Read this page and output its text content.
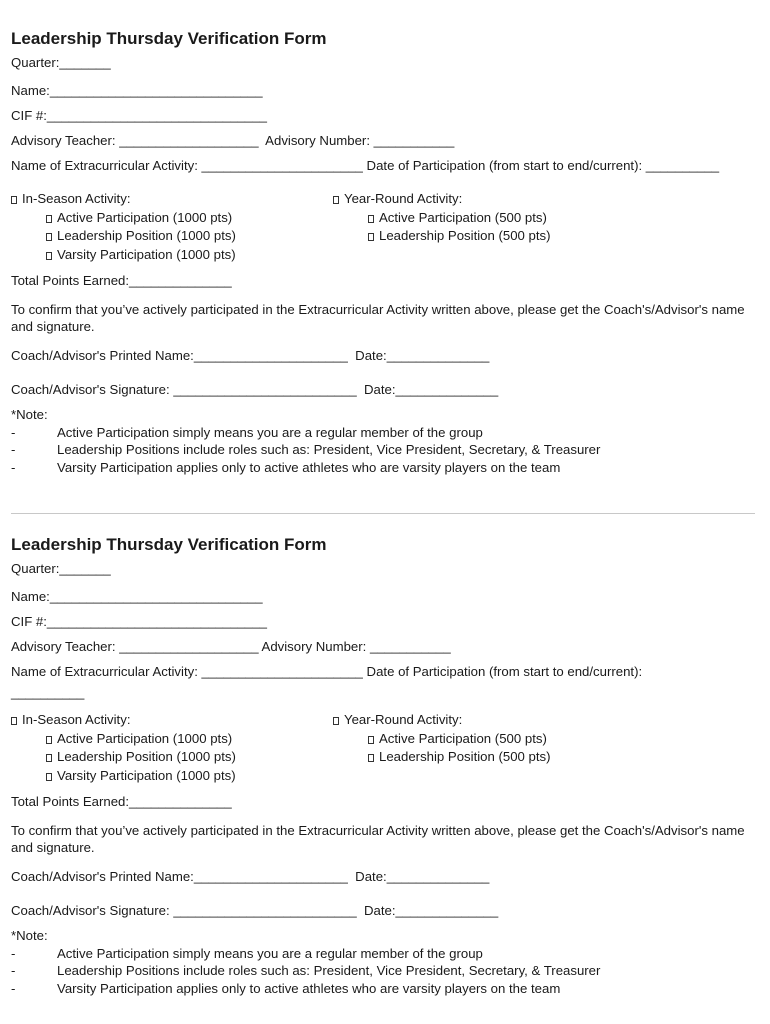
Leadership Thursday Verification Form
Quarter:_______
Name:_____________________________
CIF #:______________________________
Advisory Teacher: ___________________  Advisory Number: ___________
Name of Extracurricular Activity: ______________________ Date of Participation (from start to end/current): __________
In-Season Activity:
Active Participation (1000 pts)
Leadership Position (1000 pts)
Varsity Participation (1000 pts)
Year-Round Activity:
Active Participation (500 pts)
Leadership Position (500 pts)
Total Points Earned:______________
To confirm that you’ve actively participated in the Extracurricular Activity written above, please get the Coach's/Advisor's name and signature.
Coach/Advisor's Printed Name:_____________________  Date:______________
Coach/Advisor's Signature: _________________________  Date:______________
*Note:
-	Active Participation simply means you are a regular member of the group
-	Leadership Positions include roles such as: President, Vice President, Secretary, & Treasurer
-	Varsity Participation applies only to active athletes who are varsity players on the team
Leadership Thursday Verification Form
Quarter:_______
Name:_____________________________
CIF #:______________________________
Advisory Teacher: ___________________ Advisory Number: ___________
Name of Extracurricular Activity: ______________________ Date of Participation (from start to end/current):
__________
In-Season Activity:
Active Participation (1000 pts)
Leadership Position (1000 pts)
Varsity Participation (1000 pts)
Year-Round Activity:
Active Participation (500 pts)
Leadership Position (500 pts)
Total Points Earned:______________
To confirm that you’ve actively participated in the Extracurricular Activity written above, please get the Coach's/Advisor's name and signature.
Coach/Advisor's Printed Name:_____________________  Date:______________
Coach/Advisor's Signature: _________________________  Date:______________
*Note:
-	Active Participation simply means you are a regular member of the group
-	Leadership Positions include roles such as: President, Vice President, Secretary, & Treasurer
-	Varsity Participation applies only to active athletes who are varsity players on the team
